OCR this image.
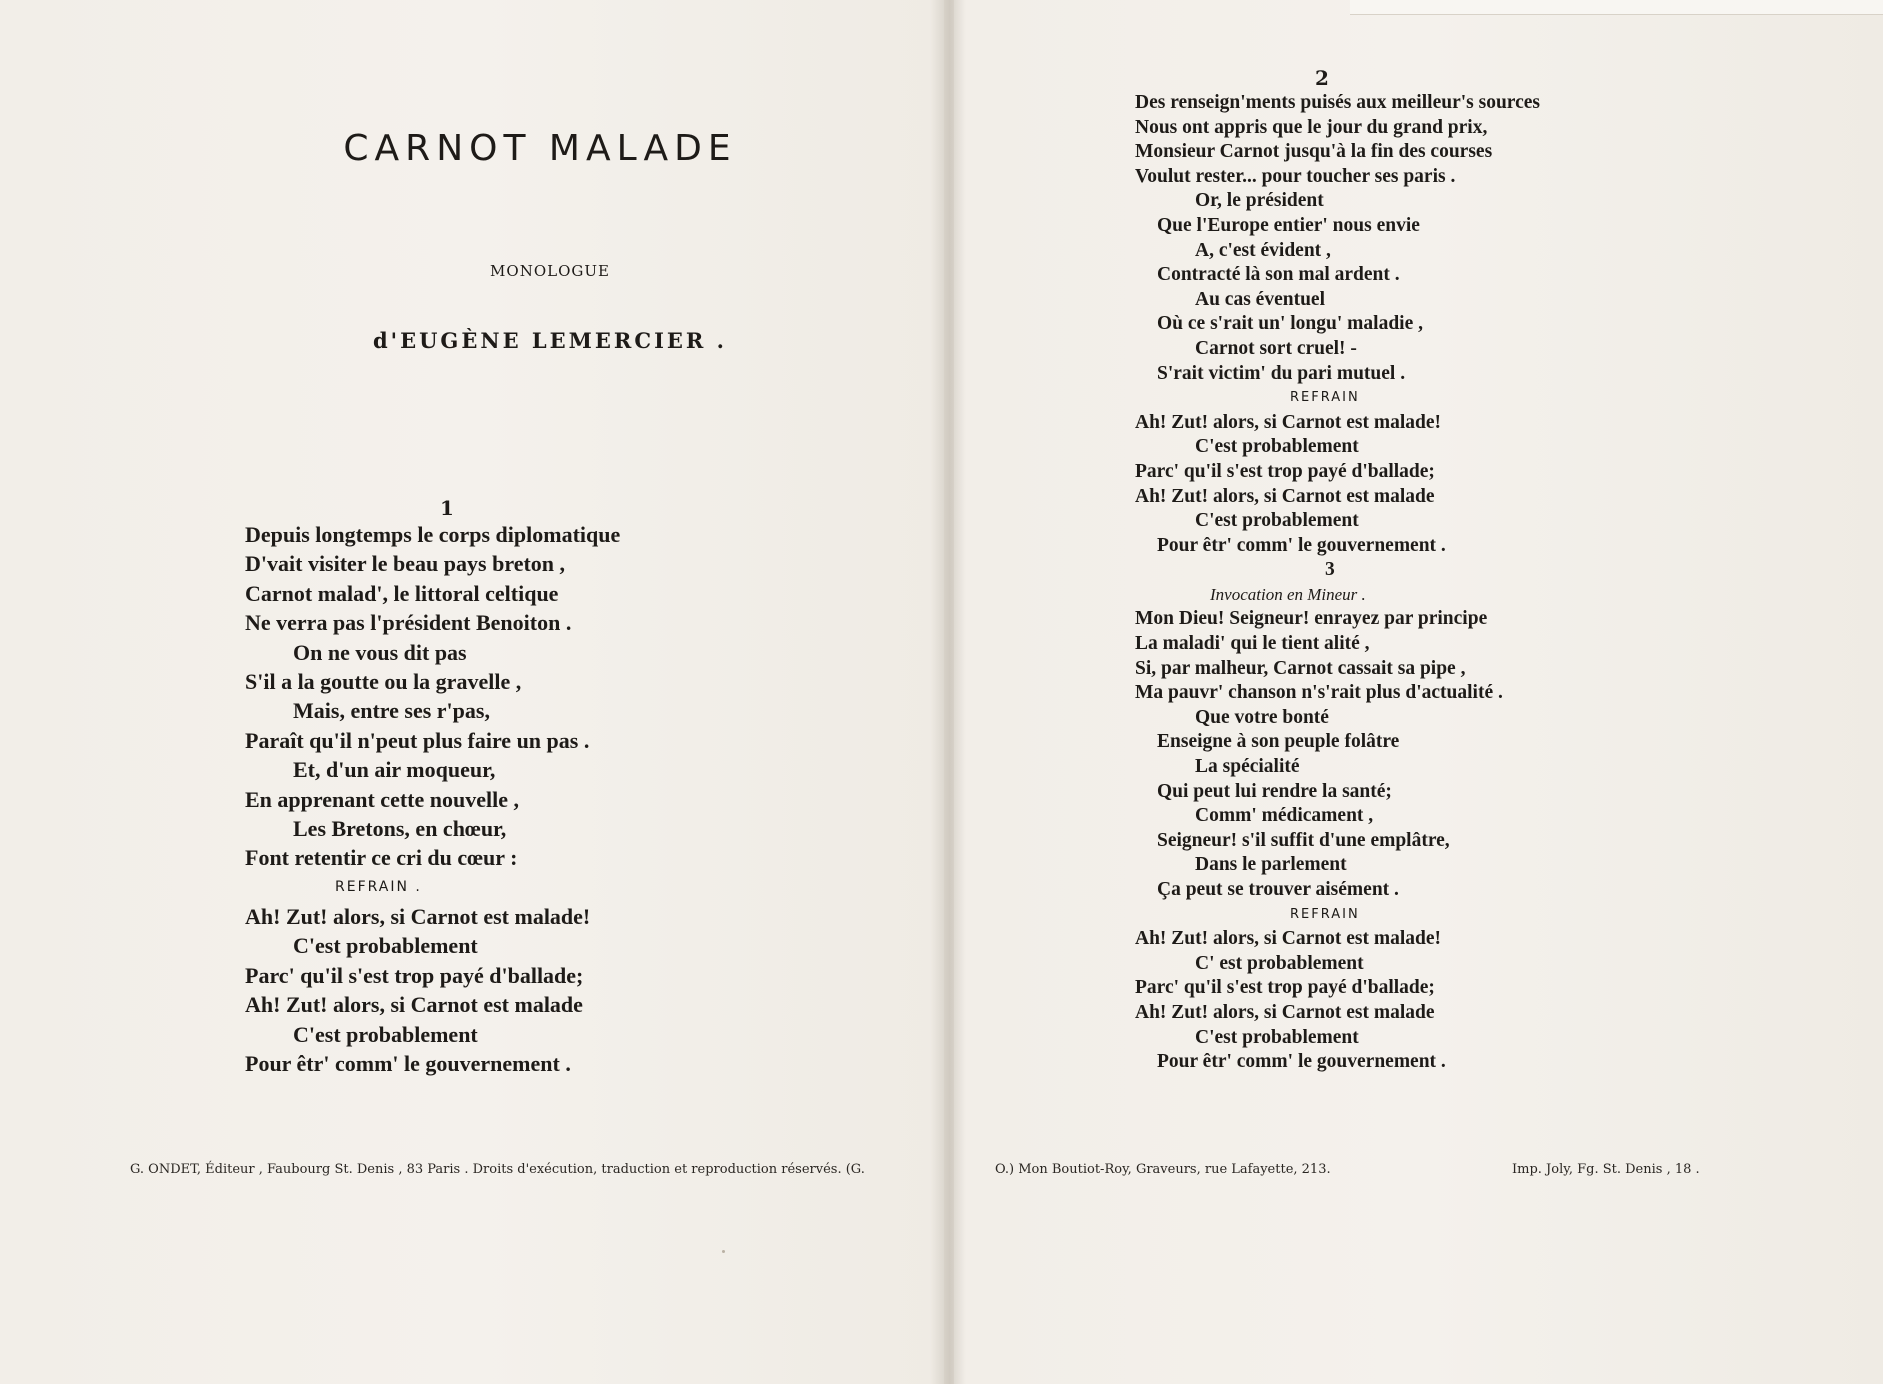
CARNOT MALADE
MONOLOGUE
d'EUGÈNE LEMERCIER .
1
Depuis longtemps le corps diplomatique
D'vait visiter le beau pays breton ,
Carnot malad', le littoral celtique
Ne verra pas l'président Benoiton .
On ne vous dit pas
S'il a la goutte ou la gravelle ,
Mais, entre ses r'pas,
Paraît qu'il n'peut plus faire un pas .
Et, d'un air moqueur,
En apprenant cette nouvelle ,
Les Bretons, en chœur,
Font retentir ce cri du cœur :
REFRAIN .
Ah! Zut! alors, si Carnot est malade!
C'est probablement
Parc' qu'il s'est trop payé d'ballade;
Ah! Zut! alors, si Carnot est malade
C'est probablement
Pour êtr' comm' le gouvernement .
G. ONDET, Éditeur , Faubourg St. Denis , 83 Paris . Droits d'exécution, traduction et reproduction réservés. (G.
2
Des renseign'ments puisés aux meilleur's sources
Nous ont appris que le jour du grand prix,
Monsieur Carnot jusqu'à la fin des courses
Voulut rester... pour toucher ses paris .
Or, le président
Que l'Europe entier' nous envie
A, c'est évident ,
Contracté là son mal ardent .
Au cas éventuel
Où ce s'rait un' longu' maladie ,
Carnot sort cruel! -
S'rait victim' du pari mutuel .
REFRAIN
Ah! Zut! alors, si Carnot est malade!
C'est probablement
Parc' qu'il s'est trop payé d'ballade;
Ah! Zut! alors, si Carnot est malade
C'est probablement
Pour êtr' comm' le gouvernement .
3
Invocation en Mineur .
Mon Dieu! Seigneur! enrayez par principe
La maladi' qui le tient alité ,
Si, par malheur, Carnot cassait sa pipe ,
Ma pauvr' chanson n's'rait plus d'actualité .
Que votre bonté
Enseigne à son peuple folâtre
La spécialité
Qui peut lui rendre la santé;
Comm' médicament ,
Seigneur! s'il suffit d'une emplâtre,
Dans le parlement
Ça peut se trouver aisément .
REFRAIN
Ah! Zut! alors, si Carnot est malade!
C' est probablement
Parc' qu'il s'est trop payé d'ballade;
Ah! Zut! alors, si Carnot est malade
C'est probablement
Pour êtr' comm' le gouvernement .
O.) Mon Boutiot-Roy, Graveurs, rue Lafayette, 213.	Imp. Joly, Fg. St. Denis , 18 .
